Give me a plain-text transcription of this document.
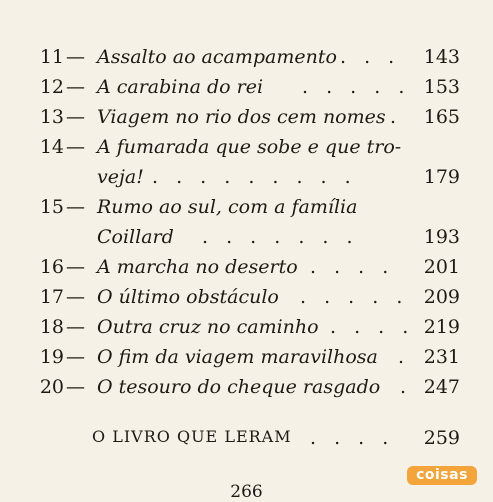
11 — Assalto ao acampamento . . . 143
12 — A carabina do rei . . . . . 153
13 — Viagem no rio dos cem nomes . 165
14 — A fumarada que sobe e que tro-
veja! . . . . . . . . .	179
15 — Rumo ao sul, com a família
Coillard . . . . . . .	193
16 — A marcha no deserto . . . . 201
17 — O último obstáculo . . . . . 209
18 — Outra cruz no caminho . . . . 219
19 — O fim da viagem maravilhosa . 231
20 — O tesouro do cheque rasgado . 247
O LIVRO QUE LERAM . . . . 259
coisas
266
